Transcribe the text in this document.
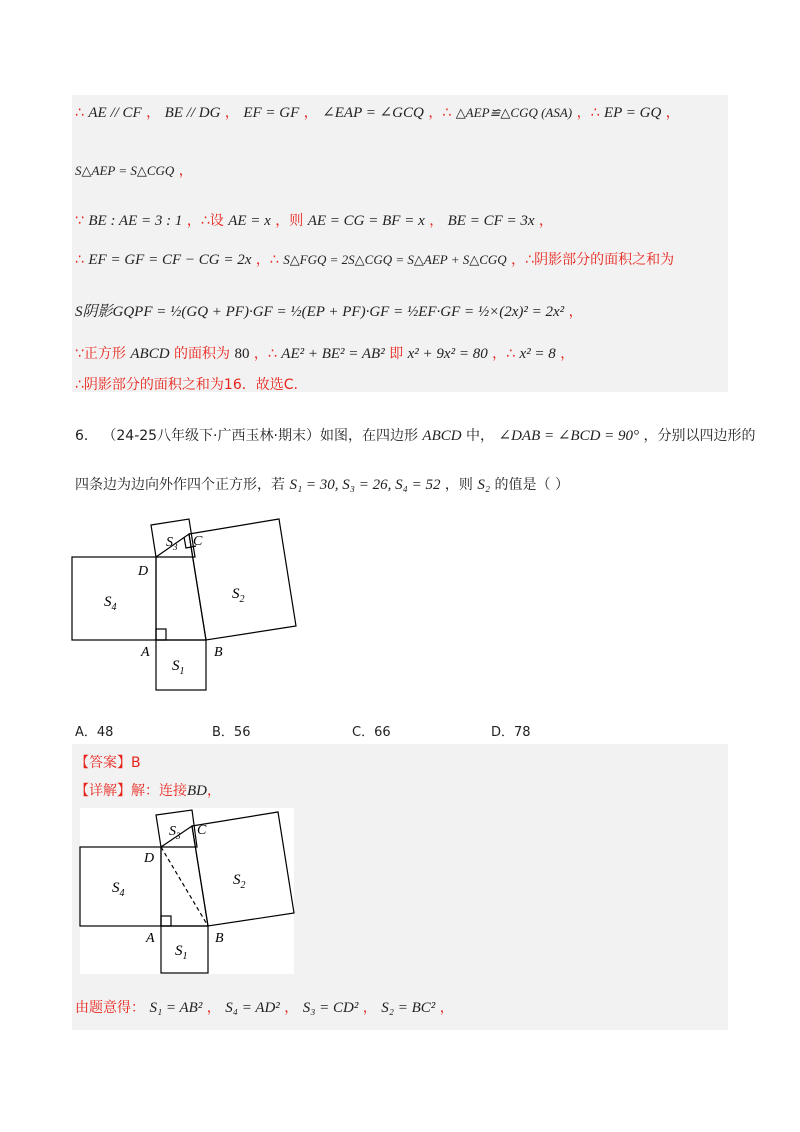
∴ AE // CF ， BE // DG ， EF = GF ， ∠EAP = ∠GCQ ，∴ △AEP≌△CGQ (ASA) ，∴ EP = GQ ，
S△AEP = S△CGQ ，
∵ BE : AE = 3 : 1 ，∴设 AE = x ，则 AE = CG = BF = x ， BE = CF = 3x ，
∴ EF = GF = CF − CG = 2x ，∴ S△FGQ = 2S△CGQ = S△AEP + S△CGQ ，∴阴影部分的面积之和为
S阴影GQPF = ½(GQ + PF)·GF = ½(EP + PF)·GF = ½EF·GF = ½×(2x)² = 2x² ，
∵正方形 ABCD 的面积为 80 ，∴ AE² + BE² = AB² 即 x² + 9x² = 80 ，∴ x² = 8 ，
∴阴影部分的面积之和为16．故选C.
6． （24-25八年级下·广西玉林·期末）如图，在四边形 ABCD 中， ∠DAB = ∠BCD = 90° ，分别以四边形的
四条边为边向外作四个正方形，若 S₁ = 30, S₃ = 26, S₄ = 52 ，则 S₂ 的值是（ ）
$S_3$ C
D
$S_2$
$S_4$
A	B
$S_1$
A．48	B．56	C．66	D．78
【答案】B
【详解】解：连接BD，
$S_3$ C
D
$S_2$
$S_4$
A	B
$S_1$
由题意得： S₁ = AB² ， S₄ = AD² ， S₃ = CD² ， S₂ = BC² ，
